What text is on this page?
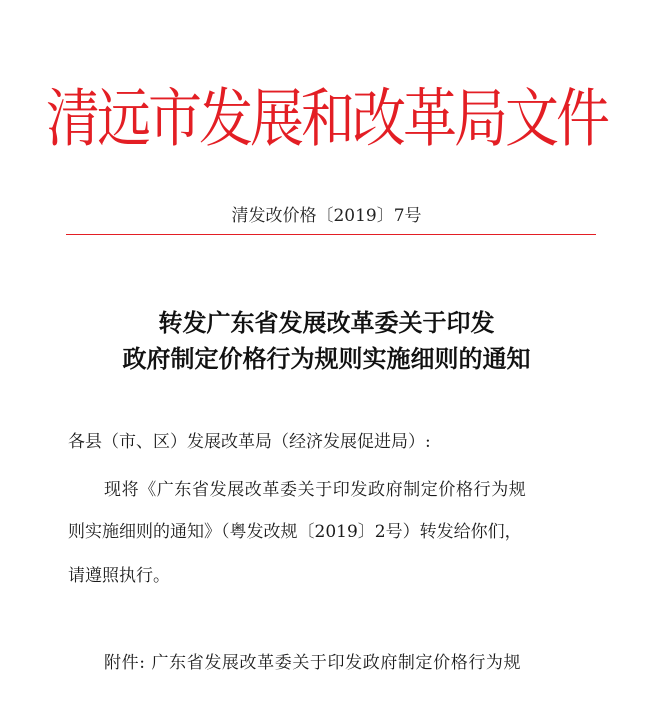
清远市发展和改革局文件
清发改价格〔2019〕7号
转发广东省发展改革委关于印发
政府制定价格行为规则实施细则的通知
各县（市、区）发展改革局（经济发展促进局）:
现将《广东省发展改革委关于印发政府制定价格行为规
则实施细则的通知》（粤发改规〔2019〕2号）转发给你们，
请遵照执行。
附件: 广东省发展改革委关于印发政府制定价格行为规
